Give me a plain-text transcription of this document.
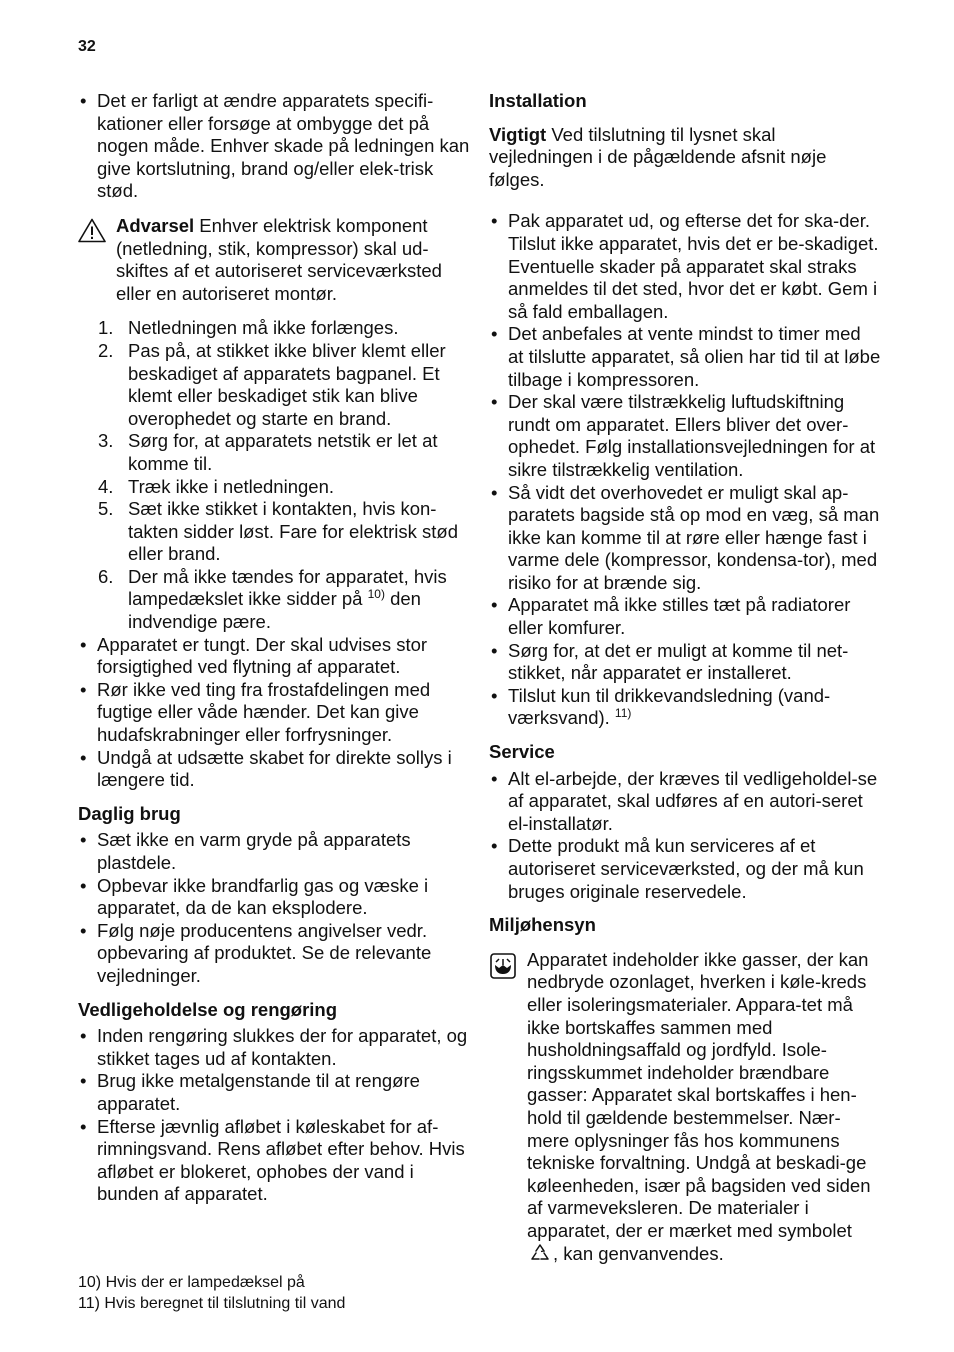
32
• Det er farligt at ændre apparatets specifi-kationer eller forsøge at ombygge det på nogen måde. Enhver skade på ledningen kan give kortslutning, brand og/eller elek-trisk stød.
Advarsel Enhver elektrisk komponent (netledning, stik, kompressor) skal ud-skiftes af et autoriseret serviceværksted eller en autoriseret montør.
1. Netledningen må ikke forlænges.
2. Pas på, at stikket ikke bliver klemt eller beskadiget af apparatets bagpanel. Et klemt eller beskadiget stik kan blive overophedet og starte en brand.
3. Sørg for, at apparatets netstik er let at komme til.
4. Træk ikke i netledningen.
5. Sæt ikke stikket i kontakten, hvis kon-takten sidder løst. Fare for elektrisk stød eller brand.
6. Der må ikke tændes for apparatet, hvis lampedækslet ikke sidder på $^{10)}$ den indvendige pære.
• Apparatet er tungt. Der skal udvises stor forsigtighed ved flytning af apparatet.
• Rør ikke ved ting fra frostafdelingen med fugtige eller våde hænder. Det kan give hudafskrabninger eller forfrysninger.
• Undgå at udsætte skabet for direkte sollys i længere tid.

Daglig brug

• Sæt ikke en varm gryde på apparatets plastdele.
• Opbevar ikke brandfarlig gas og væske i apparatet, da de kan eksplodere.
• Følg nøje producentens angivelser vedr. opbevaring af produktet. Se de relevante vejledninger.

Vedligeholdelse og rengøring

• Inden rengøring slukkes der for apparatet, og stikket tages ud af kontakten.
• Brug ikke metalgenstande til at rengøre apparatet.
• Efterse jævnlig afløbet i køleskabet for af-rimningsvand. Rens afløbet efter behov. Hvis afløbet er blokeret, ophobes der vand i bunden af apparatet.

Installation

Vigtigt Ved tilslutning til lysnet skal vejledningen i de pågældende afsnit nøje følges.

• Pak apparatet ud, og efterse det for ska-der. Tilslut ikke apparatet, hvis det er be-skadiget. Eventuelle skader på apparatet skal straks anmeldes til det sted, hvor det er købt. Gem i så fald emballagen.
• Det anbefales at vente mindst to timer med at tilslutte apparatet, så olien har tid til at løbe tilbage i kompressoren.
• Der skal være tilstrækkelig luftudskiftning rundt om apparatet. Ellers bliver det over-ophedet. Følg installationsvejledningen for at sikre tilstrækkelig ventilation.
• Så vidt det overhovedet er muligt skal ap-paratets bagside stå op mod en væg, så man ikke kan komme til at røre eller hænge fast i varme dele (kompressor, kondensa-tor), med risiko for at brænde sig.
• Apparatet må ikke stilles tæt på radiatorer eller komfurer.
• Sørg for, at det er muligt at komme til net-stikket, når apparatet er installeret.
• Tilslut kun til drikkevandsledning (vand-værksvand). $^{11)}$

Service

• Alt el-arbejde, der kræves til vedligeholdel-se af apparatet, skal udføres af en autori-seret el-installatør.
• Dette produkt må kun serviceres af et autoriseret serviceværksted, og der må kun bruges originale reservedele.

Miljøhensyn

Apparatet indeholder ikke gasser, der kan nedbryde ozonlaget, hverken i køle-kreds eller isoleringsmaterialer. Appara-tet må ikke bortskaffes sammen med husholdningsaffald og jordfyld. Isole-ringsskummet indeholder brændbare gasser: Apparatet skal bortskaffes i hen-hold til gældende bestemmelser. Nær-mere oplysninger fås hos kommunens tekniske forvaltning. Undgå at beskadi-ge køleenheden, især på bagsiden ved siden af varmeveksleren. De materialer i apparatet, der er mærket med symbolet
, kan genvanvendes.
10) Hvis der er lampedæksel på
11) Hvis beregnet til tilslutning til vand
